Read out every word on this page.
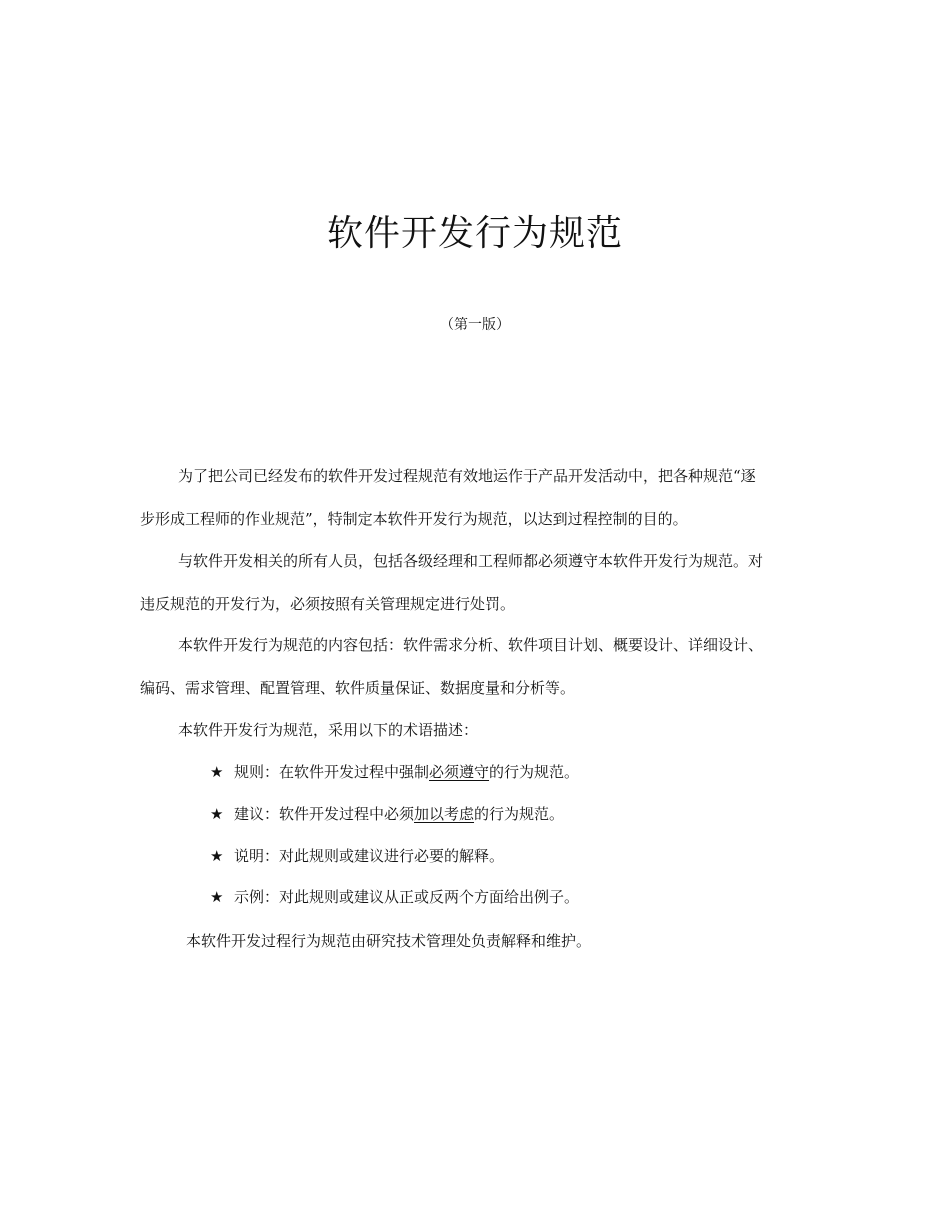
软件开发行为规范
（第一版）
为了把公司已经发布的软件开发过程规范有效地运作于产品开发活动中，把各种规范“逐
步形成工程师的作业规范”，特制定本软件开发行为规范，以达到过程控制的目的。
与软件开发相关的所有人员，包括各级经理和工程师都必须遵守本软件开发行为规范。对
违反规范的开发行为，必须按照有关管理规定进行处罚。
本软件开发行为规范的内容包括：软件需求分析、软件项目计划、概要设计、详细设计、
编码、需求管理、配置管理、软件质量保证、数据度量和分析等。
本软件开发行为规范，采用以下的术语描述：
★ 规则：在软件开发过程中强制必须遵守的行为规范。
★ 建议：软件开发过程中必须加以考虑的行为规范。
★ 说明：对此规则或建议进行必要的解释。
★ 示例：对此规则或建议从正或反两个方面给出例子。
本软件开发过程行为规范由研究技术管理处负责解释和维护。
